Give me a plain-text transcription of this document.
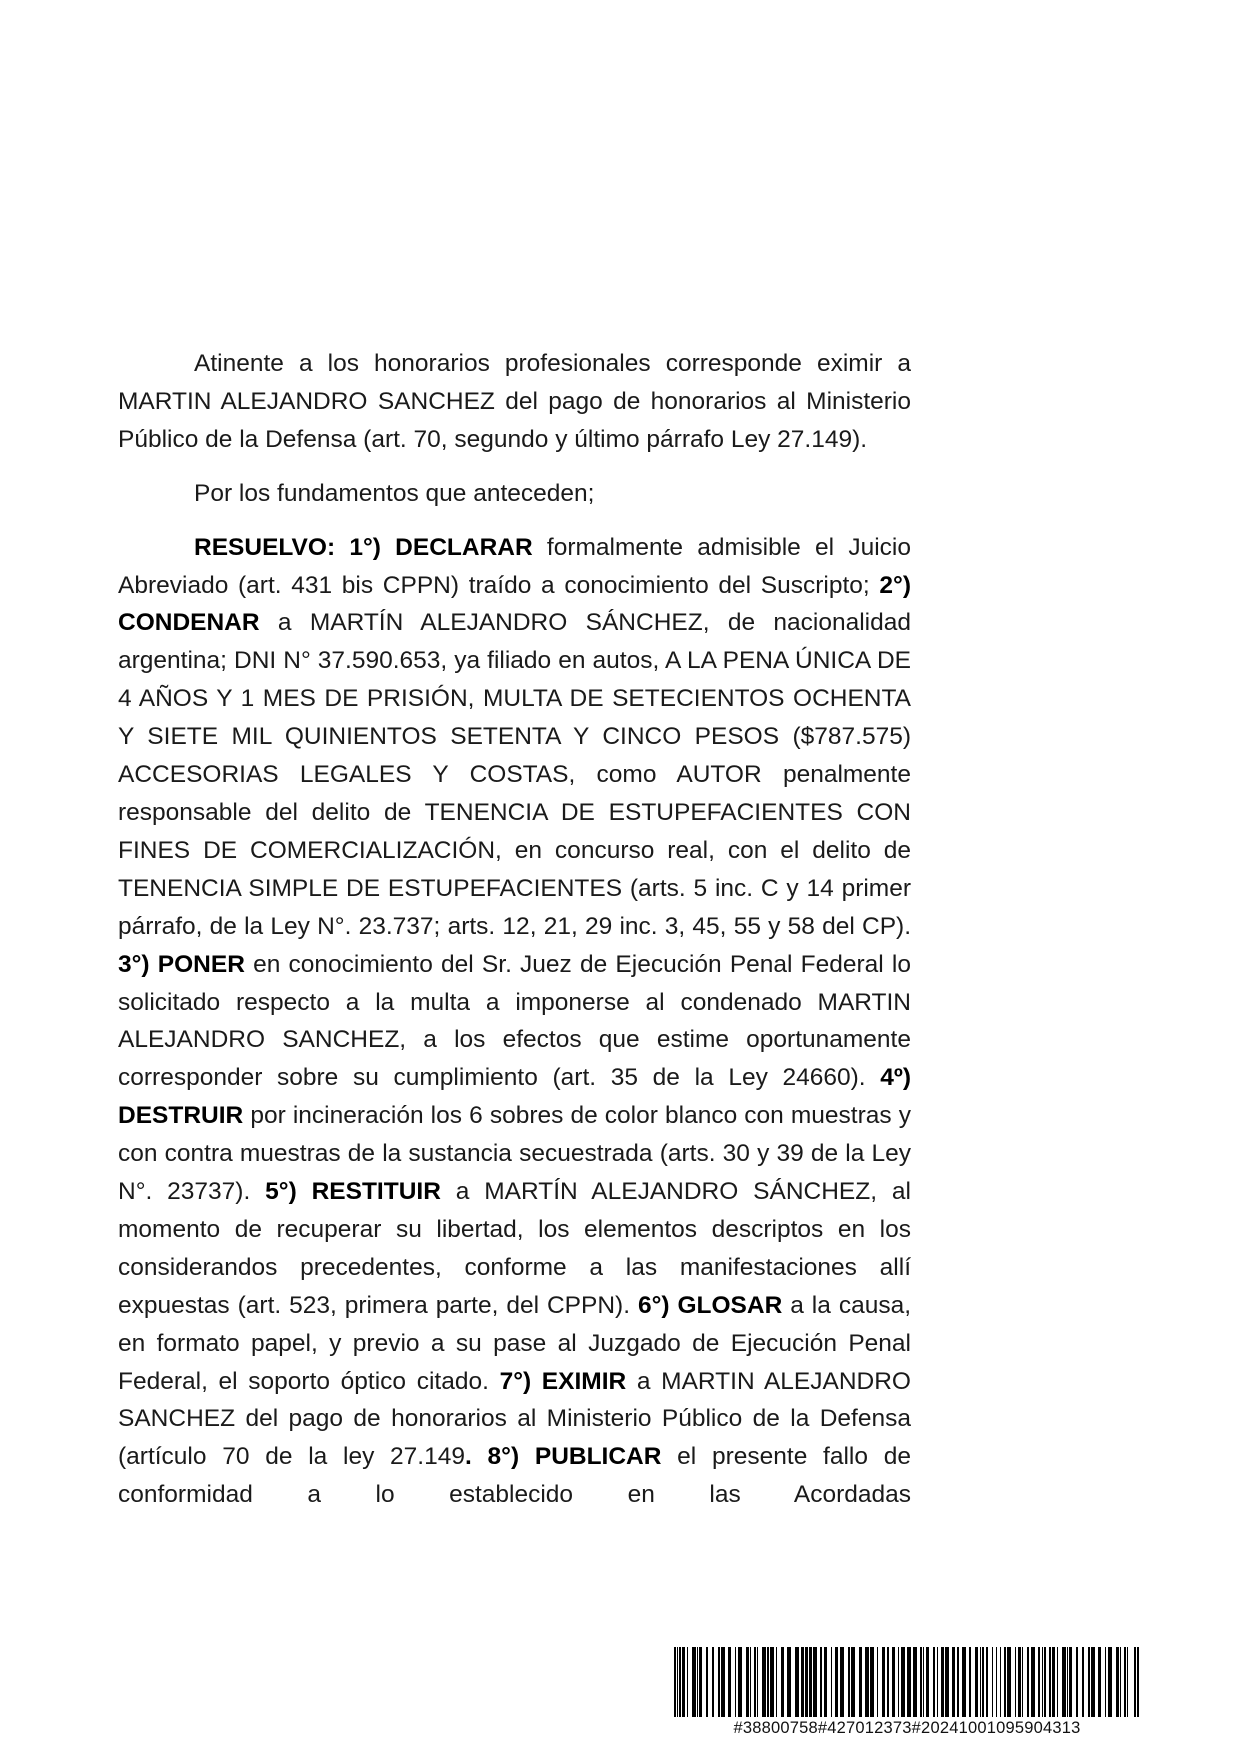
Atinente a los honorarios profesionales corresponde eximir a MARTIN ALEJANDRO SANCHEZ del pago de honorarios al Ministerio Público de la Defensa (art. 70, segundo y último párrafo Ley 27.149).

Por los fundamentos que anteceden;

RESUELVO: 1°) DECLARAR formalmente admisible el Juicio Abreviado (art. 431 bis CPPN) traído a conocimiento del Suscripto; 2°) CONDENAR a MARTÍN ALEJANDRO SÁNCHEZ, de nacionalidad argentina; DNI N° 37.590.653, ya filiado en autos, A LA PENA ÚNICA DE 4 AÑOS Y 1 MES DE PRISIÓN, MULTA DE SETECIENTOS OCHENTA Y SIETE MIL QUINIENTOS SETENTA Y CINCO PESOS ($787.575) ACCESORIAS LEGALES Y COSTAS, como AUTOR penalmente responsable del delito de TENENCIA DE ESTUPEFACIENTES CON FINES DE COMERCIALIZACIÓN, en concurso real, con el delito de TENENCIA SIMPLE DE ESTUPEFACIENTES (arts. 5 inc. C y 14 primer párrafo, de la Ley N°. 23.737; arts. 12, 21, 29 inc. 3, 45, 55 y 58 del CP). 3°) PONER en conocimiento del Sr. Juez de Ejecución Penal Federal lo solicitado respecto a la multa a imponerse al condenado MARTIN ALEJANDRO SANCHEZ, a los efectos que estime oportunamente corresponder sobre su cumplimiento (art. 35 de la Ley 24660). 4º) DESTRUIR por incineración los 6 sobres de color blanco con muestras y con contra muestras de la sustancia secuestrada (arts. 30 y 39 de la Ley N°. 23737). 5°) RESTITUIR a MARTÍN ALEJANDRO SÁNCHEZ, al momento de recuperar su libertad, los elementos descriptos en los considerandos precedentes, conforme a las manifestaciones allí expuestas (art. 523, primera parte, del CPPN). 6°) GLOSAR a la causa, en formato papel, y previo a su pase al Juzgado de Ejecución Penal Federal, el soporto óptico citado. 7°) EXIMIR a MARTIN ALEJANDRO SANCHEZ del pago de honorarios al Ministerio Público de la Defensa (artículo 70 de la ley 27.149. 8°) PUBLICAR el presente fallo de conformidad a lo establecido en las Acordadas

#38800758#427012373#20241001095904313
